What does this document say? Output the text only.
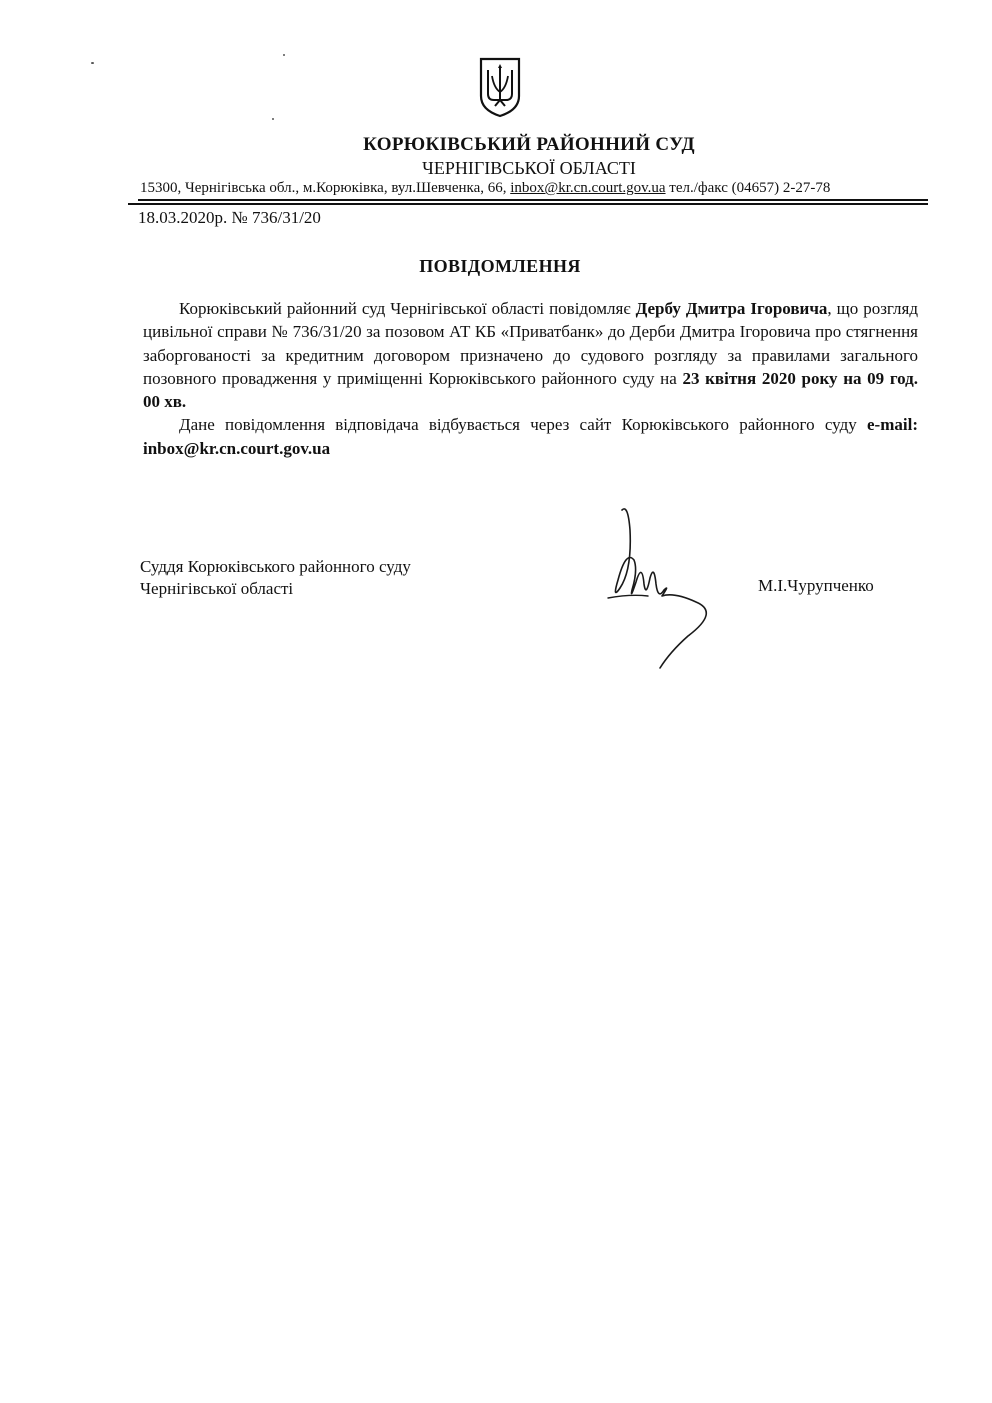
КОРЮКІВСЬКИЙ РАЙОННИЙ СУД
ЧЕРНІГІВСЬКОЇ ОБЛАСТІ
15300, Чернігівська обл., м.Корюківка, вул.Шевченка, 66, inbox@kr.cn.court.gov.ua тел./факс (04657) 2-27-78
18.03.2020р. № 736/31/20
ПОВІДОМЛЕННЯ

Корюківський районний суд Чернігівської області повідомляє Дербу Дмитра Ігоровича, що розгляд цивільної справи № 736/31/20 за позовом АТ КБ «Приватбанк» до Дерби Дмитра Ігоровича про стягнення заборгованості за кредитним договором призначено до судового розгляду за правилами загального позовного провадження у приміщенні Корюківського районного суду на 23 квітня 2020 року на 09 год. 00 хв.

Дане повідомлення відповідача відбувається через сайт Корюківського районного суду e-mail: inbox@kr.cn.court.gov.ua

Суддя Корюківського районного суду
Чернігівської області	М.І.Чурупченко
